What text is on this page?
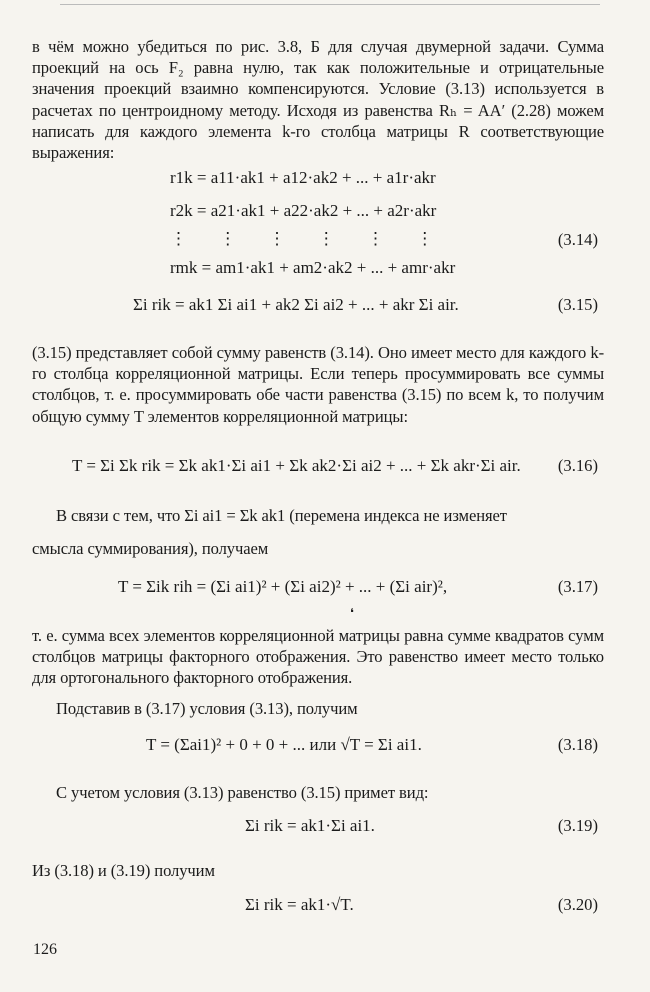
в чём можно убедиться по рис. 3.8, Б для случая двумерной задачи. Сумма проекций на ось F₂ равна нулю, так как положительные и отрицательные значения проекций взаимно компенсируются. Условие (3.13) используется в расчетах по центроидному методу. Исходя из равенства Rₕ = AA′ (2.28) можем написать для каждого элемента k-го столбца матрицы R соответствующие выражения:

r1k = a11·ak1 + a12·ak2 + ... + a1r·akr
r2k = a21·ak1 + a22·ak2 + ... + a2r·akr
⋮ ⋮ ⋮ ⋮ ⋮ ⋮	(3.14)
rmk = am1·ak1 + am2·ak2 + ... + amr·akr
Σi rik = ak1 Σi ai1 + ak2 Σi ai2 + ... + akr Σi air.	(3.15)

(3.15) представляет собой сумму равенств (3.14). Оно имеет место для каждого k-го столбца корреляционной матрицы. Если теперь просуммировать все суммы столбцов, т. е. просуммировать обе части равенства (3.15) по всем k, то получим общую сумму T элементов корреляционной матрицы:

T = Σi Σk rik = Σk ak1·Σi ai1 + Σk ak2·Σi ai2 + ... + Σk akr·Σi air. (3.16)
В связи с тем, что Σi ai1 = Σk ak1 (перемена индекса не изменяет

смысла суммирования), получаем

T = Σik rih = (Σi ai1)² + (Σi ai2)² + ... + (Σi air)²,	(3.17)
❛

т. е. сумма всех элементов корреляционной матрицы равна сумме квадратов сумм столбцов матрицы факторного отображения. Это равенство имеет место только для ортогонального факторного отображения.

Подставив в (3.17) условия (3.13), получим

T = (Σai1)² + 0 + 0 + ... или √T = Σi ai1.	(3.18)

С учетом условия (3.13) равенство (3.15) примет вид:

Σi rik = ak1·Σi ai1.	(3.19)

Из (3.18) и (3.19) получим

Σi rik = ak1·√T.	(3.20)

126
